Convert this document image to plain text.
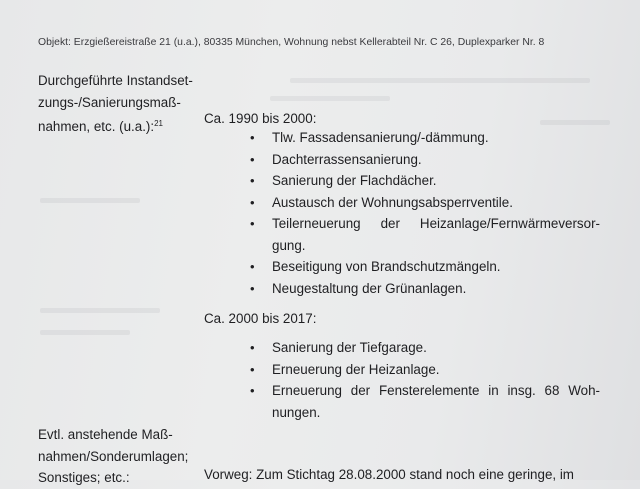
Objekt: Erzgießereistraße 21 (u.a.), 80335 München, Wohnung nebst Kellerabteil Nr. C 26, Duplexparker Nr. 8
Durchgeführte Instandset-
zungs-/Sanierungsmaß-
nahmen, etc. (u.a.):$^{21}$	Ca. 1990 bis 2000:
• Tlw. Fassadensanierung/-dämmung.
• Dachterrassensanierung.
• Sanierung der Flachdächer.
• Austausch der Wohnungsabsperrventile.
• Teilerneuerung der Heizanlage/Fernwärmeversor-gung.
• Beseitigung von Brandschutzmängeln.
• Neugestaltung der Grünanlagen.
Ca. 2000 bis 2017:
• Sanierung der Tiefgarage.
• Erneuerung der Heizanlage.
• Erneuerung der Fensterelemente in insg. 68 Woh-nungen.
Evtl. anstehende Maß-
nahmen/Sonderumlagen;
Sonstiges; etc.:	Vorweg: Zum Stichtag 28.08.2000 stand noch eine geringe, im
